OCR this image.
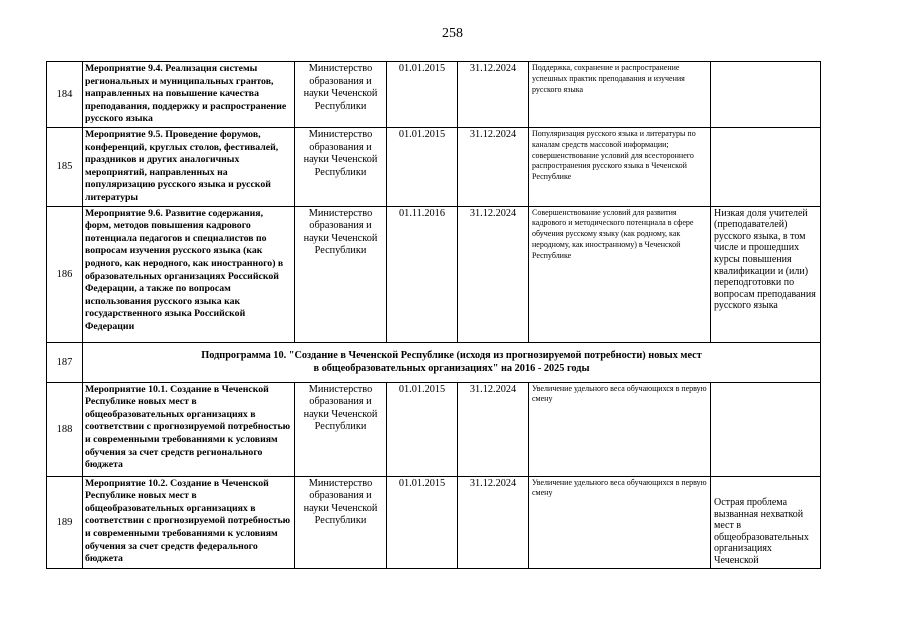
258
184	Мероприятие 9.4. Реализация системы региональных и муниципальных грантов, направленных на повышение качества преподавания, поддержку и распространение русского языка	Министерство образования и науки Чеченской Республики	01.01.2015	31.12.2024	Поддержка, сохранение и распространение успешных практик преподавания и изучения русского языка	
185	Мероприятие 9.5. Проведение форумов, конференций, круглых столов, фестивалей, праздников и других аналогичных мероприятий, направленных на популяризацию русского языка и русской литературы	Министерство образования и науки Чеченской Республики	01.01.2015	31.12.2024	Популяризация русского языка и литературы по каналам средств массовой информации; совершенствование условий для всестороннего распространения русского языка в Чеченской Республике	
186	Мероприятие 9.6. Развитие содержания, форм, методов повышения кадрового потенциала педагогов и специалистов по вопросам изучения русского языка (как родного, как неродного, как иностранного) в образовательных организациях Российской Федерации, а также по вопросам использования русского языка как государственного языка Российской Федерации	Министерство образования и науки Чеченской Республики	01.11.2016	31.12.2024	Совершенствование условий для развития кадрового и методического потенциала в сфере обучения русскому языку (как родному, как неродному, как иностранному) в Чеченской Республике	Низкая доля учителей (преподавателей) русского языка, в том числе и прошедших курсы повышения квалификации и (или) переподготовки по вопросам преподавания русского языка
187	Подпрограмма 10. "Создание в Чеченской Республике (исходя из прогнозируемой потребности) новых мест
в общеобразовательных организациях" на 2016 - 2025 годы					

188	Мероприятие 10.1. Создание в Чеченской Республике новых мест в общеобразовательных организациях в соответствии с прогнозируемой потребностью и современными требованиями к условиям обучения за счет средств регионального бюджета	Министерство образования и науки Чеченской Республики	01.01.2015	31.12.2024	Увеличение удельного веса обучающихся в первую смену	
189	Мероприятие 10.2. Создание в Чеченской Республике новых мест в общеобразовательных организациях в соответствии с прогнозируемой потребностью и современными требованиями к условиям обучения за счет средств федерального бюджета	Министерство образования и науки Чеченской Республики	01.01.2015	31.12.2024	Увеличение удельного веса обучающихся в первую смену	Острая проблема вызванная нехваткой мест в общеобразовательных организациях Чеченской
